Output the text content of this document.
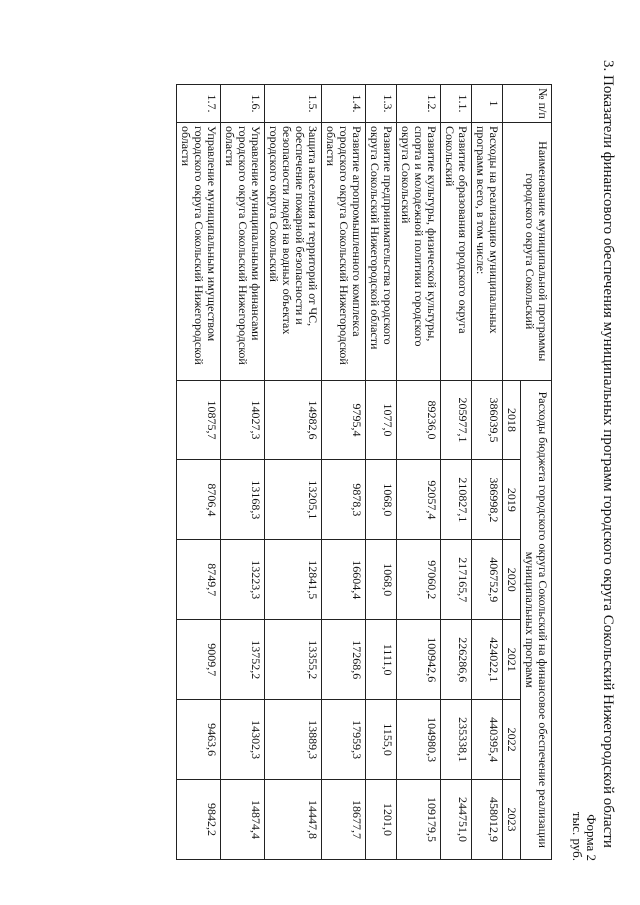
3. Показатели финансового обеспечения муниципальных программ городского округа Сокольский Нижегородской области
Форма 2
тыс. руб.
№ п/п	Наименование муниципальной программы городского округа Сокольский	Расходы бюджета городского округа Сокольский на финансовое обеспечение реализации муниципальных программ					
		2018	2019	2020	2021	2022	2023
1	Расходы на реализацию муниципальных программ всего, в том числе:	386039,5	386998,2	406752,9	424022,1	440395,4	458012,9
1.1.	Развитие образования городского округа Сокольский	205977,1	210827,1	217165,7	226286,6	235338,1	244751,0
1.2.	Развитие культуры, физической культуры, спорта и молодежной политики городского округа Сокольский	89236,0	92057,4	97060,2	100942,6	104980,3	109179,5
1.3.	Развитие предпринимательства городского округа Сокольский Нижегородской области	1077,0	1068,0	1068,0	1111,0	1155,0	1201,0
1.4.	Развитие агропромышленного комплекса городского округа Сокольский Нижегородской области	9795,4	9878,3	16604,4	17268,6	17959,3	18677,7
1.5.	Защита населения и территорий от ЧС, обеспечение пожарной безопасности и безопасности людей на водных объектах городского округа Сокольский	14982,6	13205,1	12841,5	13355,2	13889,3	14447,8
1.6.	Управление муниципальными финансами городского округа Сокольский Нижегородской области	14027,3	13168,3	13223,3	13752,2	14302,3	14874,4
1.7.	Управление муниципальным имуществом городского округа Сокольский Нижегородской области	10875,7	8706,4	8749,7	9009,7	9463,6	9842,2
